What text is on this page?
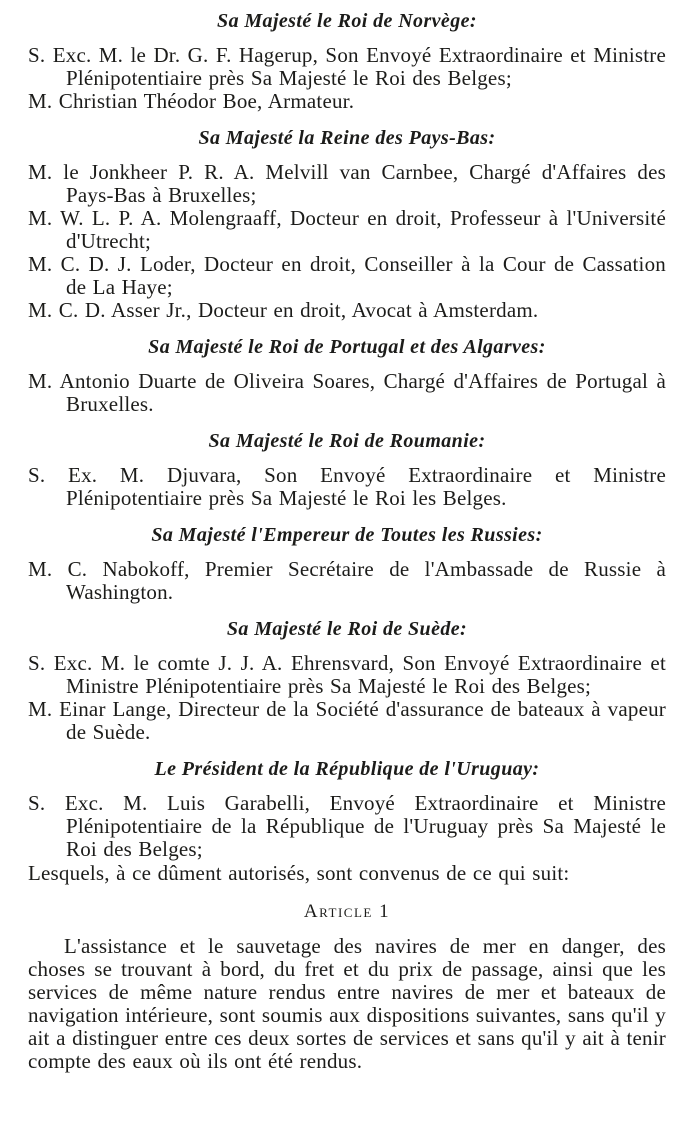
Sa Majesté le Roi de Norvège:

S. Exc. M. le Dr. G. F. Hagerup, Son Envoyé Extraordinaire et Ministre Plénipotentiaire près Sa Majesté le Roi des Belges;

M. Christian Théodor Boe, Armateur.

Sa Majesté la Reine des Pays-Bas:

M. le Jonkheer P. R. A. Melvill van Carnbee, Chargé d'Affaires des Pays-Bas à Bruxelles;

M. W. L. P. A. Molengraaff, Docteur en droit, Professeur à l'Université d'Utrecht;

M. C. D. J. Loder, Docteur en droit, Conseiller à la Cour de Cassation de La Haye;

M. C. D. Asser Jr., Docteur en droit, Avocat à Amsterdam.

Sa Majesté le Roi de Portugal et des Algarves:

M. Antonio Duarte de Oliveira Soares, Chargé d'Affaires de Portugal à Bruxelles.

Sa Majesté le Roi de Roumanie:

S. Ex. M. Djuvara, Son Envoyé Extraordinaire et Ministre Plénipotentiaire près Sa Majesté le Roi les Belges.

Sa Majesté l'Empereur de Toutes les Russies:

M. C. Nabokoff, Premier Secrétaire de l'Ambassade de Russie à Washington.

Sa Majesté le Roi de Suède:

S. Exc. M. le comte J. J. A. Ehrensvard, Son Envoyé Extraordinaire et Ministre Plénipotentiaire près Sa Majesté le Roi des Belges;

M. Einar Lange, Directeur de la Société d'assurance de bateaux à vapeur de Suède.

Le Président de la République de l'Uruguay:

S. Exc. M. Luis Garabelli, Envoyé Extraordinaire et Ministre Plénipotentiaire de la République de l'Uruguay près Sa Majesté le Roi des Belges;

Lesquels, à ce dûment autorisés, sont convenus de ce qui suit:

Article 1

L'assistance et le sauvetage des navires de mer en danger, des choses se trouvant à bord, du fret et du prix de passage, ainsi que les services de même nature rendus entre navires de mer et bateaux de navigation intérieure, sont soumis aux dispositions suivantes, sans qu'il y ait a distinguer entre ces deux sortes de services et sans qu'il y ait à tenir compte des eaux où ils ont été rendus.
